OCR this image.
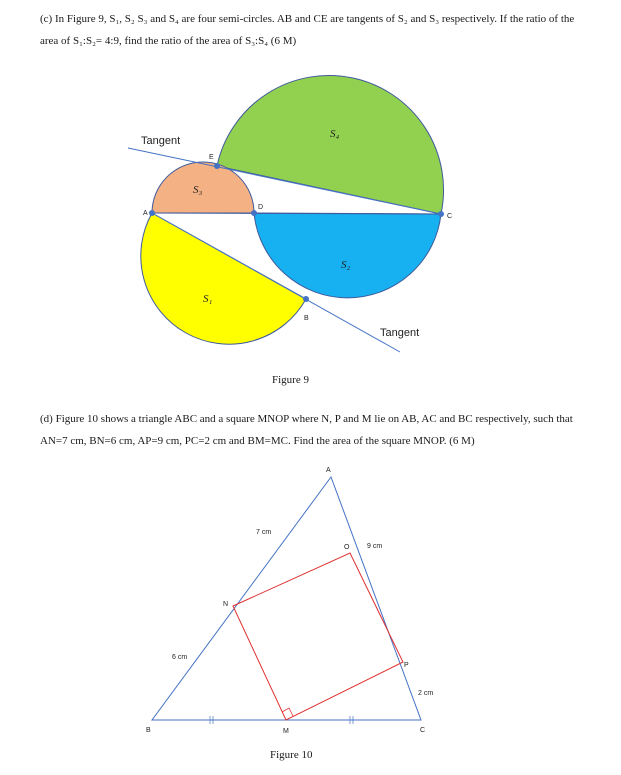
(c) In Figure 9, S₁, S₂ S₃ and S₄ are four semi-circles. AB and CE are tangents of S₂ and S₃ respectively. If the ratio of the area of S₁:S₂= 4:9, find the ratio of the area of S₃:S₄ (6 M)
Tangent
Tangent
A
B
C
D
E
S₁
S₂
S₃
S₄
A
B	C
M
N
O
P
7 cm
6 cm
9 cm
2 cm
Figure 9
(d) Figure 10 shows a triangle ABC and a square MNOP where N, P and M lie on AB, AC and BC respectively, such that AN=7 cm, BN=6 cm, AP=9 cm, PC=2 cm and BM=MC. Find the area of the square MNOP. (6 M)
Figure 10
